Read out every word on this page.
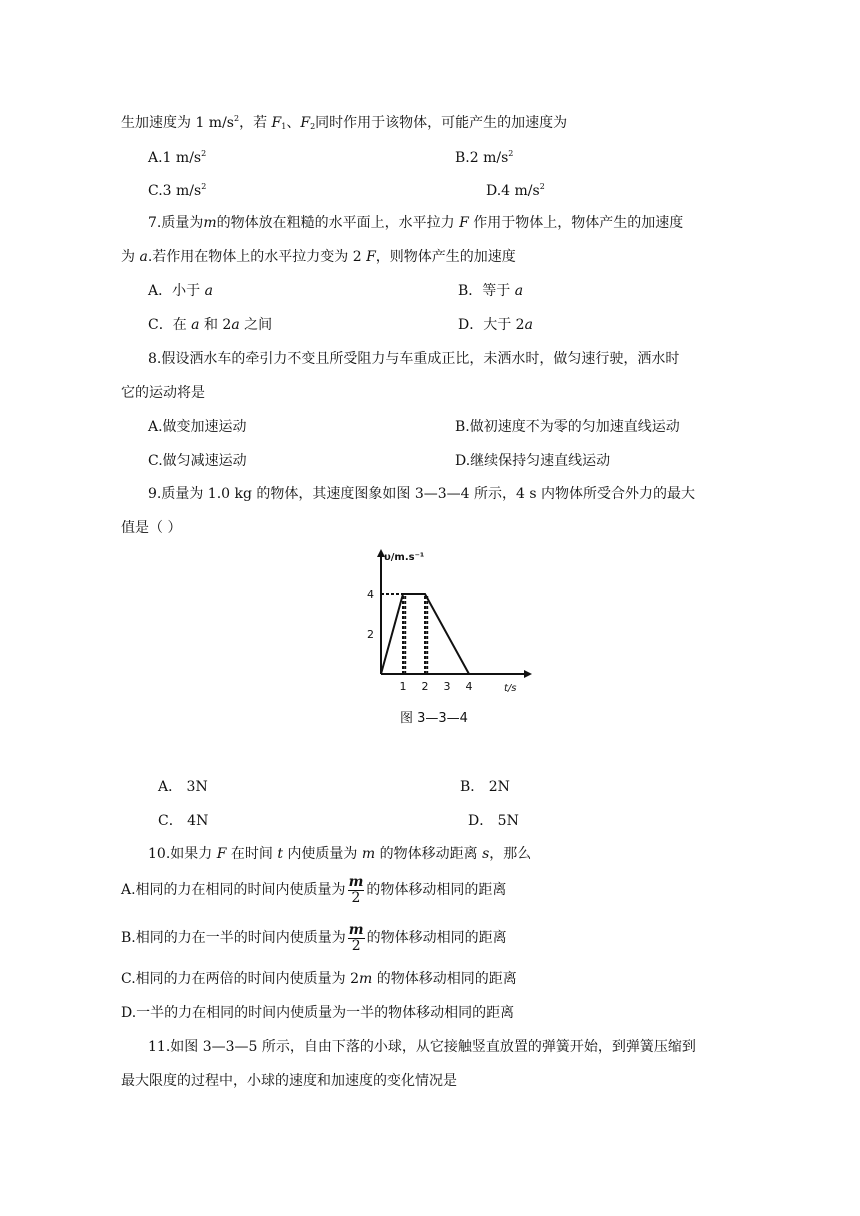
生加速度为 1 $m/s^2$，若 $F_1$、$F_2$同时作用于该物体，可能产生的加速度为
A.1 $m/s^2$	B.2 $m/s^2$
C.3 $m/s^2$	D.4 $m/s^2$
7.质量为m的物体放在粗糙的水平面上，水平拉力 F 作用于物体上，物体产生的加速度
为 a.若作用在物体上的水平拉力变为 2 F，则物体产生的加速度
A．小于 a	B．等于 a
C．在 a 和 2a 之间	D．大于 2a
8.假设洒水车的牵引力不变且所受阻力与车重成正比，未洒水时，做匀速行驶，洒水时
它的运动将是
A.做变加速运动	B.做初速度不为零的匀加速直线运动
C.做匀减速运动	D.继续保持匀速直线运动
9.质量为 1.0 kg 的物体，其速度图象如图 3—3—4 所示，4 s 内物体所受合外力的最大
值是（ ）
1 2 3 4
2
4
υ/m.s⁻¹
t/s
图 3—3—4
A． 3N	B． 2N
C． 4N	D． 5N
10.如果力 F 在时间 t 内使质量为 m 的物体移动距离 s，那么
A.相同的力在相同的时间内使质量为 $\frac{m}{2}$ 的物体移动相同的距离
B.相同的力在一半的时间内使质量为 $\frac{m}{2}$ 的物体移动相同的距离
C.相同的力在两倍的时间内使质量为 2m 的物体移动相同的距离
D.一半的力在相同的时间内使质量为一半的物体移动相同的距离
11.如图 3—3—5 所示，自由下落的小球，从它接触竖直放置的弹簧开始，到弹簧压缩到
最大限度的过程中，小球的速度和加速度的变化情况是
